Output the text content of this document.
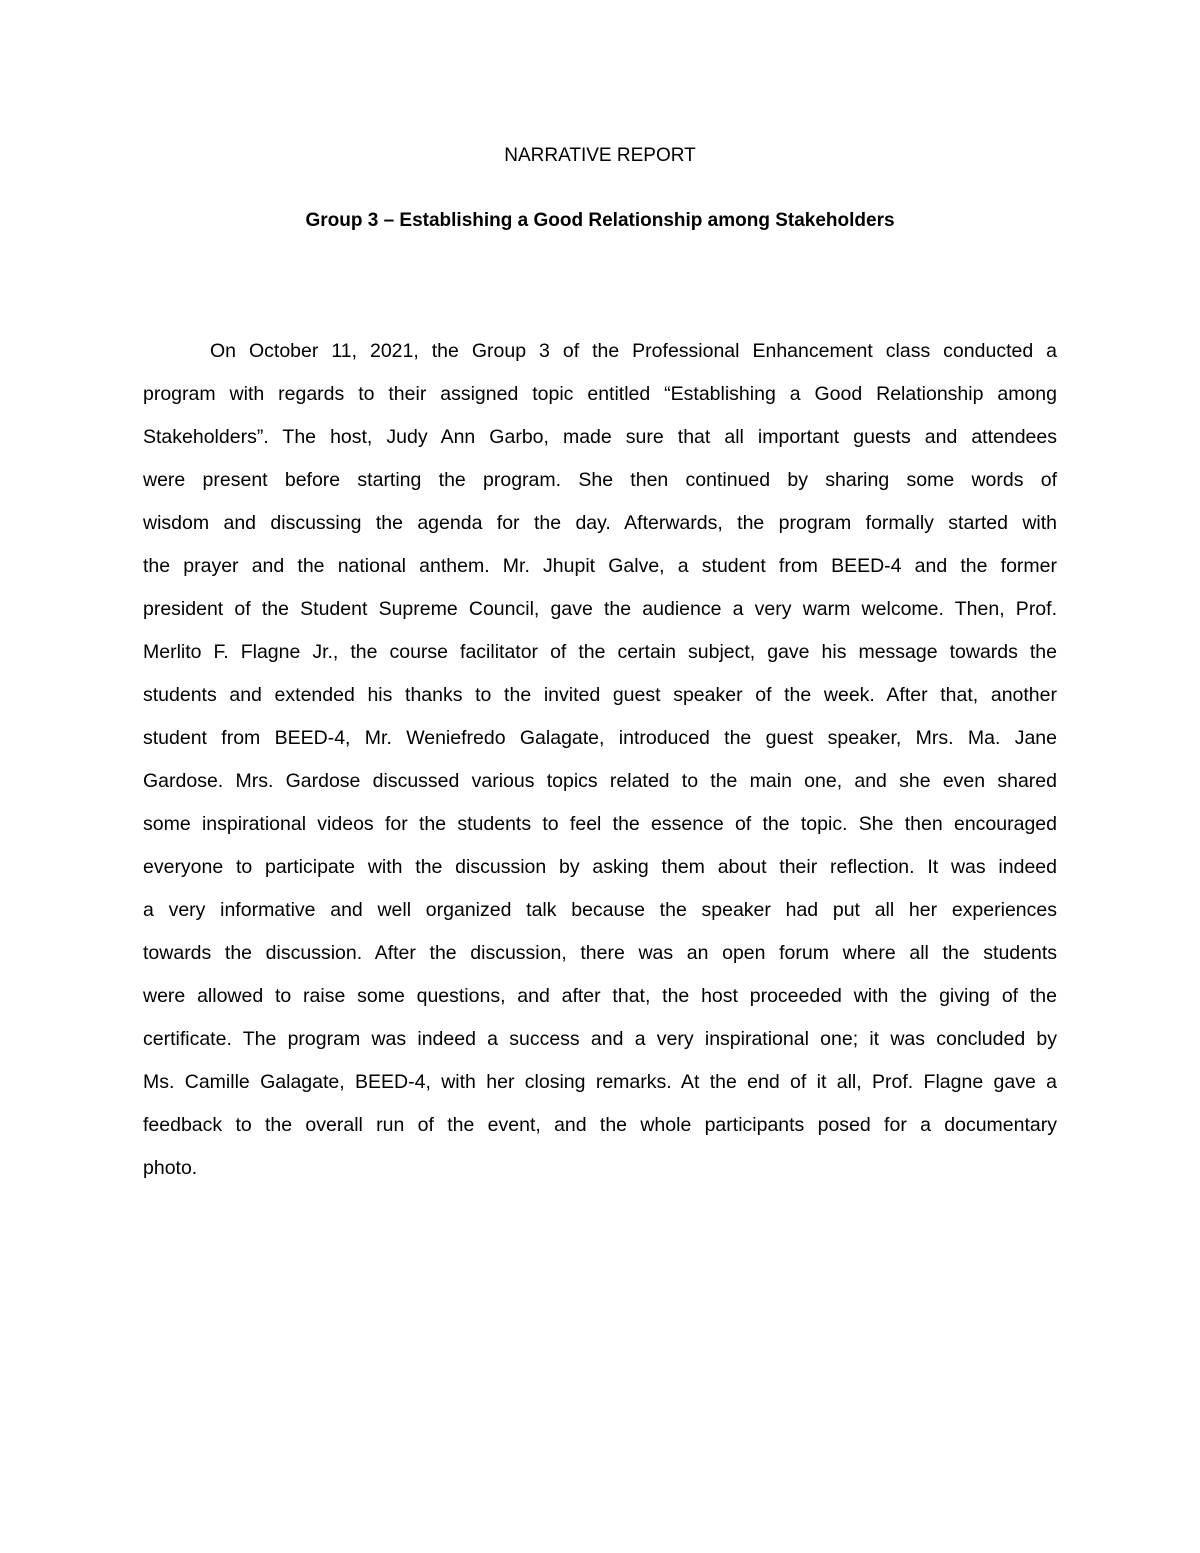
NARRATIVE REPORT
Group 3 – Establishing a Good Relationship among Stakeholders
On October 11, 2021, the Group 3 of the Professional Enhancement class conducted a
program with regards to their assigned topic entitled “Establishing a Good Relationship among
Stakeholders”. The host, Judy Ann Garbo, made sure that all important guests and attendees
were present before starting the program. She then continued by sharing some words of
wisdom and discussing the agenda for the day. Afterwards, the program formally started with
the prayer and the national anthem. Mr. Jhupit Galve, a student from BEED-4 and the former
president of the Student Supreme Council, gave the audience a very warm welcome. Then, Prof.
Merlito F. Flagne Jr., the course facilitator of the certain subject, gave his message towards the
students and extended his thanks to the invited guest speaker of the week. After that, another
student from BEED-4, Mr. Weniefredo Galagate, introduced the guest speaker, Mrs. Ma. Jane
Gardose. Mrs. Gardose discussed various topics related to the main one, and she even shared
some inspirational videos for the students to feel the essence of the topic. She then encouraged
everyone to participate with the discussion by asking them about their reflection. It was indeed
a very informative and well organized talk because the speaker had put all her experiences
towards the discussion. After the discussion, there was an open forum where all the students
were allowed to raise some questions, and after that, the host proceeded with the giving of the
certificate. The program was indeed a success and a very inspirational one; it was concluded by
Ms. Camille Galagate, BEED-4, with her closing remarks. At the end of it all, Prof. Flagne gave a
feedback to the overall run of the event, and the whole participants posed for a documentary
photo.
